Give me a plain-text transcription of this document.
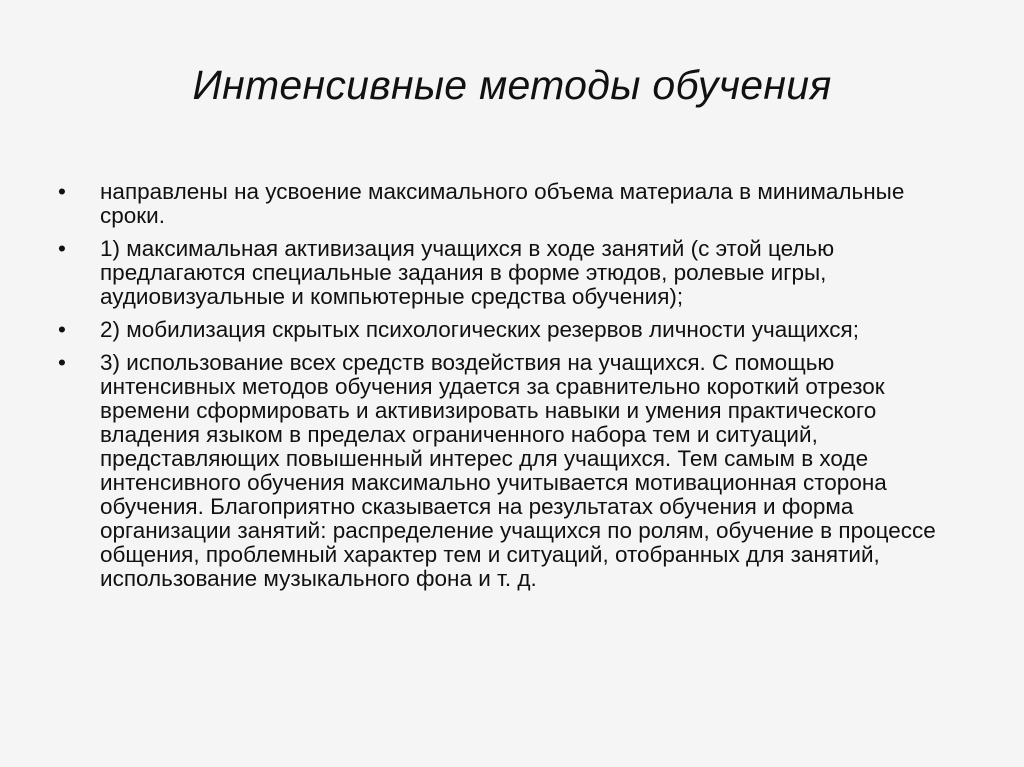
Интенсивные методы обучения
•	направлены на усвоение максимального объема материала в минимальные сроки.
•	1) максимальная активизация учащихся в ходе занятий (с этой целью предлагаются специальные задания в форме этюдов, ролевые игры, аудиовизуальные и компьютерные средства обучения);
•	2) мобилизация скрытых психологических резервов личности учащихся;
•	3) использование всех средств воздействия на учащихся. С помощью интенсивных методов обучения удается за сравнительно короткий отрезок времени сформировать и активизировать навыки и умения практического владения языком в пределах ограниченного набора тем и ситуаций, представляющих повышенный интерес для учащихся. Тем самым в ходе интенсивного обучения максимально учитывается мотивационная сторона обучения. Благоприятно сказывается на результатах обучения и форма организации занятий: распределение учащихся по ролям, обучение в процессе общения, проблемный характер тем и ситуаций, отобранных для занятий, использование музыкального фона и т. д.
